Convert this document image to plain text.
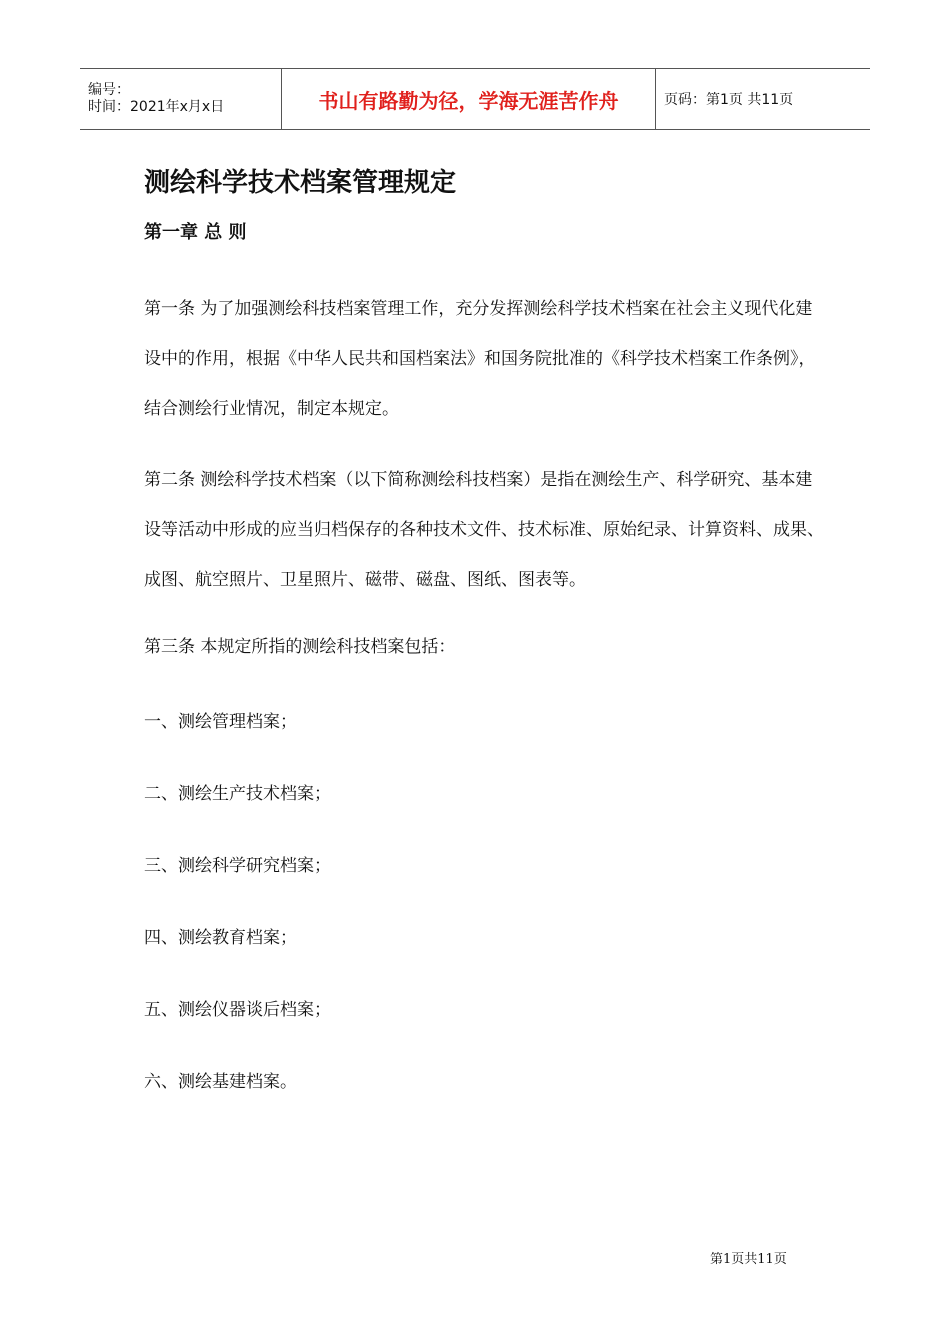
编号：
时间：2021年x月x日	书山有路勤为径，学海无涯苦作舟	页码：第1页 共11页
测绘科学技术档案管理规定
第一章 总 则

第一条 为了加强测绘科技档案管理工作，充分发挥测绘科学技术档案在社会主义现代化建设中的作用，根据《中华人民共和国档案法》和国务院批准的《科学技术档案工作条例》，结合测绘行业情况，制定本规定。

第二条 测绘科学技术档案（以下简称测绘科技档案）是指在测绘生产、科学研究、基本建设等活动中形成的应当归档保存的各种技术文件、技术标准、原始纪录、计算资料、成果、成图、航空照片、卫星照片、磁带、磁盘、图纸、图表等。

第三条 本规定所指的测绘科技档案包括：

一、测绘管理档案；

二、测绘生产技术档案；

三、测绘科学研究档案；

四、测绘教育档案；

五、测绘仪器谈后档案；

六、测绘基建档案。

第1页共11页
